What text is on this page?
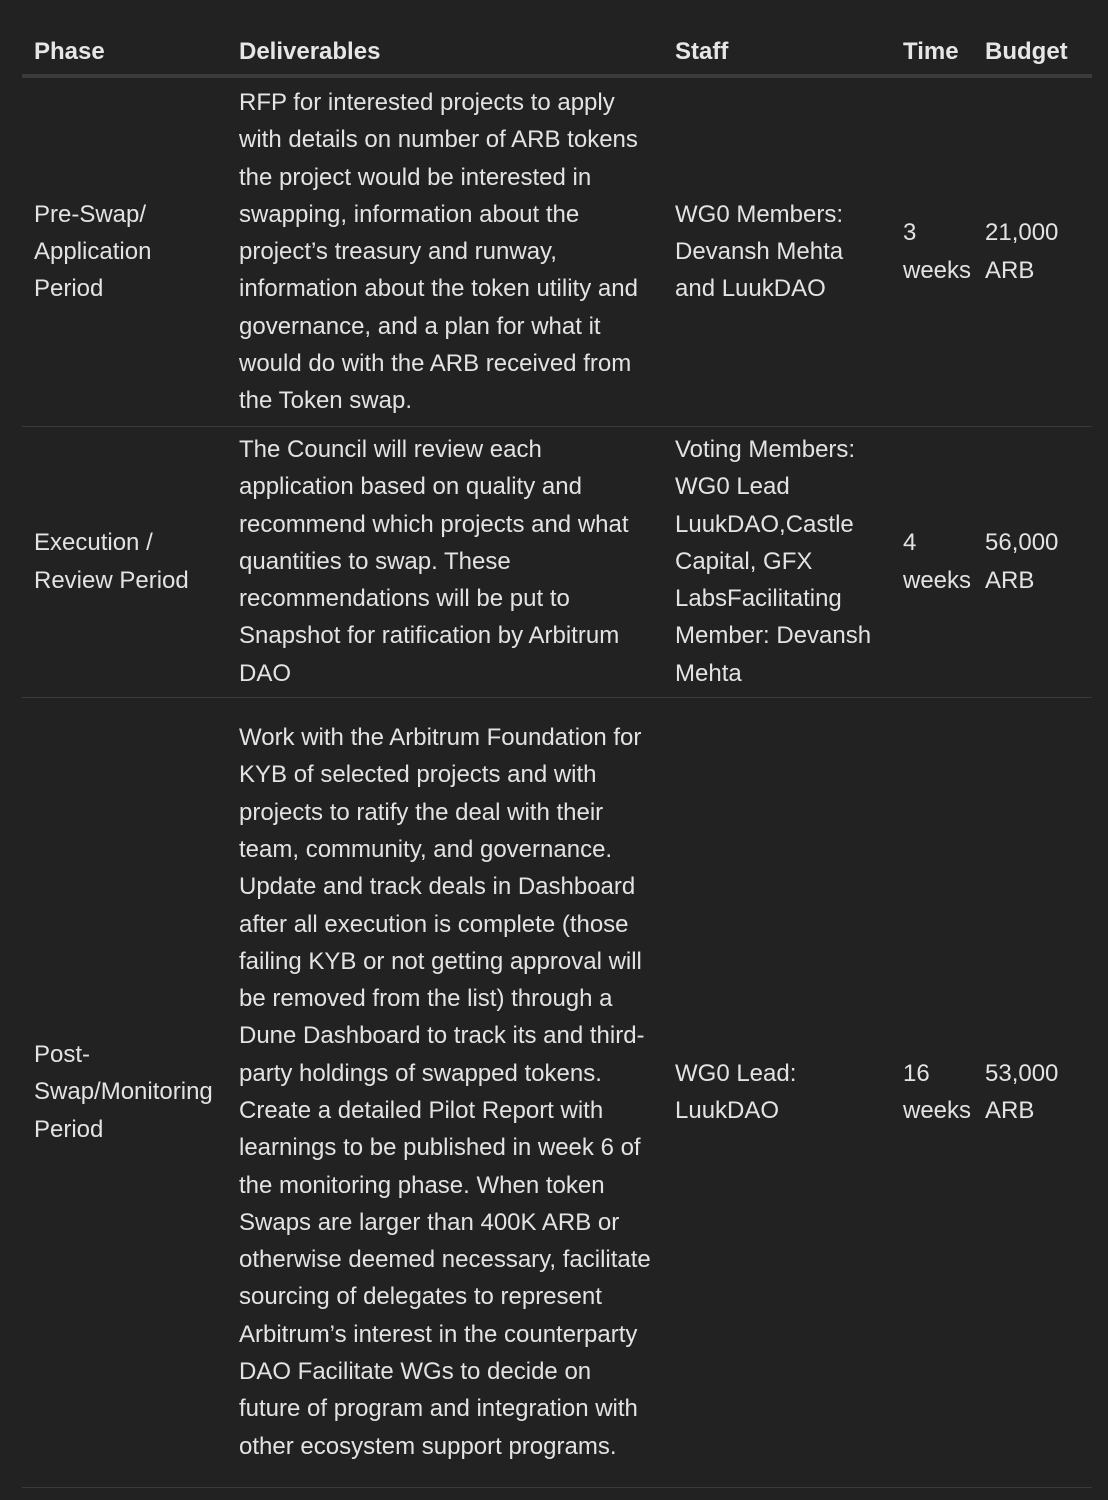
Phase	Deliverables	Staff	Time	Budget
Pre-Swap/ Application Period	RFP for interested projects to apply with details on number of ARB tokens the project would be interested in swapping, information about the project’s treasury and runway, information about the token utility and governance, and a plan for what it would do with the ARB received from the Token swap.	WG0 Members: Devansh Mehta and LuukDAO	3 weeks	21,000 ARB
Execution / Review Period	The Council will review each application based on quality and recommend which projects and what quantities to swap. These recommendations will be put to Snapshot for ratification by Arbitrum DAO	Voting Members: WG0 Lead LuukDAO,Castle Capital, GFX LabsFacilitating Member: Devansh Mehta	4 weeks	56,000 ARB
Post-Swap/Monitoring Period	Work with the Arbitrum Foundation for KYB of selected projects and with projects to ratify the deal with their team, community, and governance. Update and track deals in Dashboard after all execution is complete (those failing KYB or not getting approval will be removed from the list) through a Dune Dashboard to track its and third-party holdings of swapped tokens. Create a detailed Pilot Report with learnings to be published in week 6 of the monitoring phase. When token Swaps are larger than 400K ARB or otherwise deemed necessary, facilitate sourcing of delegates to represent Arbitrum’s interest in the counterparty DAO Facilitate WGs to decide on future of program and integration with other ecosystem support programs.	WG0 Lead: LuukDAO	16 weeks	53,000 ARB
